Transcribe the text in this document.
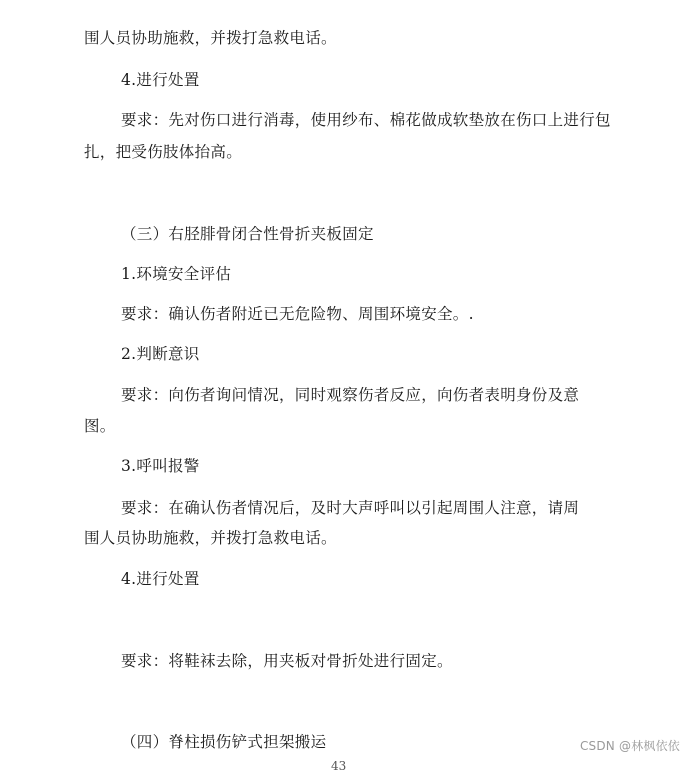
围人员协助施救，并拨打急救电话。
4.进行处置
要求：先对伤口进行消毒，使用纱布、棉花做成软垫放在伤口上进行包
扎，把受伤肢体抬高。
（三）右胫腓骨闭合性骨折夹板固定
1.环境安全评估
要求：确认伤者附近已无危险物、周围环境安全。.
2.判断意识
要求：向伤者询问情况，同时观察伤者反应，向伤者表明身份及意
图。
3.呼叫报警
要求：在确认伤者情况后，及时大声呼叫以引起周围人注意，请周
围人员协助施救，并拨打急救电话。
4.进行处置
要求：将鞋袜去除，用夹板对骨折处进行固定。
（四）脊柱损伤铲式担架搬运
43
CSDN @林枫依依
